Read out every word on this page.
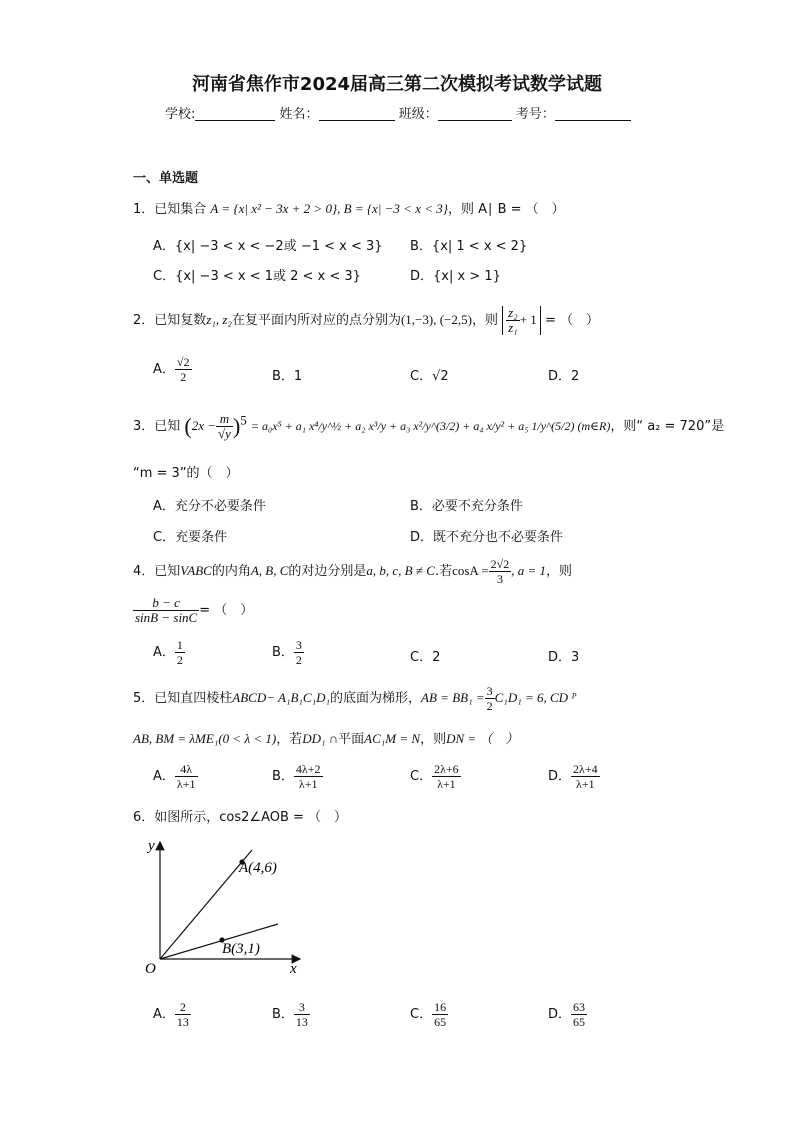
河南省焦作市2024届高三第二次模拟考试数学试题
学校:	姓名：	班级：	考号：
一、单选题
1．已知集合 A = {x| x² − 3x + 2 > 0}, B = {x| −3 < x < 3}，则 A∣ B = （　）
A．{x| −3 < x < −2或 −1 < x < 3} B．{x| 1 < x < 2}
C．{x| −3 < x < 1或 2 < x < 3}	D．{x| x > 1}
2．已知复数z₁, z₂在复平面内所对应的点分别为(1,−3), (−2,5)，则 $\frac{\text{z₂}}{\text{z₁}} + 1$ = （　）
A． $\frac{√2}{2}$	B．1	C．√2	D．2
3．已知 $(2x - \frac{m}{√y} )^5 = a_0x^5 + a_1$ x⁴/y^½ + a₂ x³/y + a₃ x²/y^(3/2) + a₄ x/y² + a₅ 1/y^(5/2) (m∈R)，则“ a₂ = 720”是
“m = 3”的（　）
A．充分不必要条件	B．必要不充分条件
C．充要条件	D．既不充分也不必要条件
4．已知VABC的内角A, B, C的对边分别是a, b, c, B ≠ C.若$\cos A = \frac{2√2}{3}$ , a = 1，则
$\frac{b - c}{\sin B - \sin C}$ = （　）
A． $\frac{1}{2}$	B． $\frac{3}{2}$	C．2	D．3
5．已知直四棱柱ABCD− A₁B₁C₁D₁的底面为梯形，AB = $BB_1 = \frac{3}{2} C_1D_1 = 6$, CD ᴾ
AB, BM = λME₁(0 < λ < 1)，若DD₁ ∩平面AC₁M = N，则DN = （　）
A． $\frac{4\lambda}{\lambda+1}$	B． $\frac{4\lambda+2}{\lambda+1}$	C． $\frac{2\lambda+6}{\lambda+1}$	D． $\frac{2\lambda+4}{\lambda+1}$
6．如图所示，cos2∠AOB = （　）
y
x
O
A(4,6)
B(3,1)
A． $\frac{2}{13}$	B． $\frac{3}{13}$	C． $\frac{16}{65}$	D． $\frac{63}{65}$
